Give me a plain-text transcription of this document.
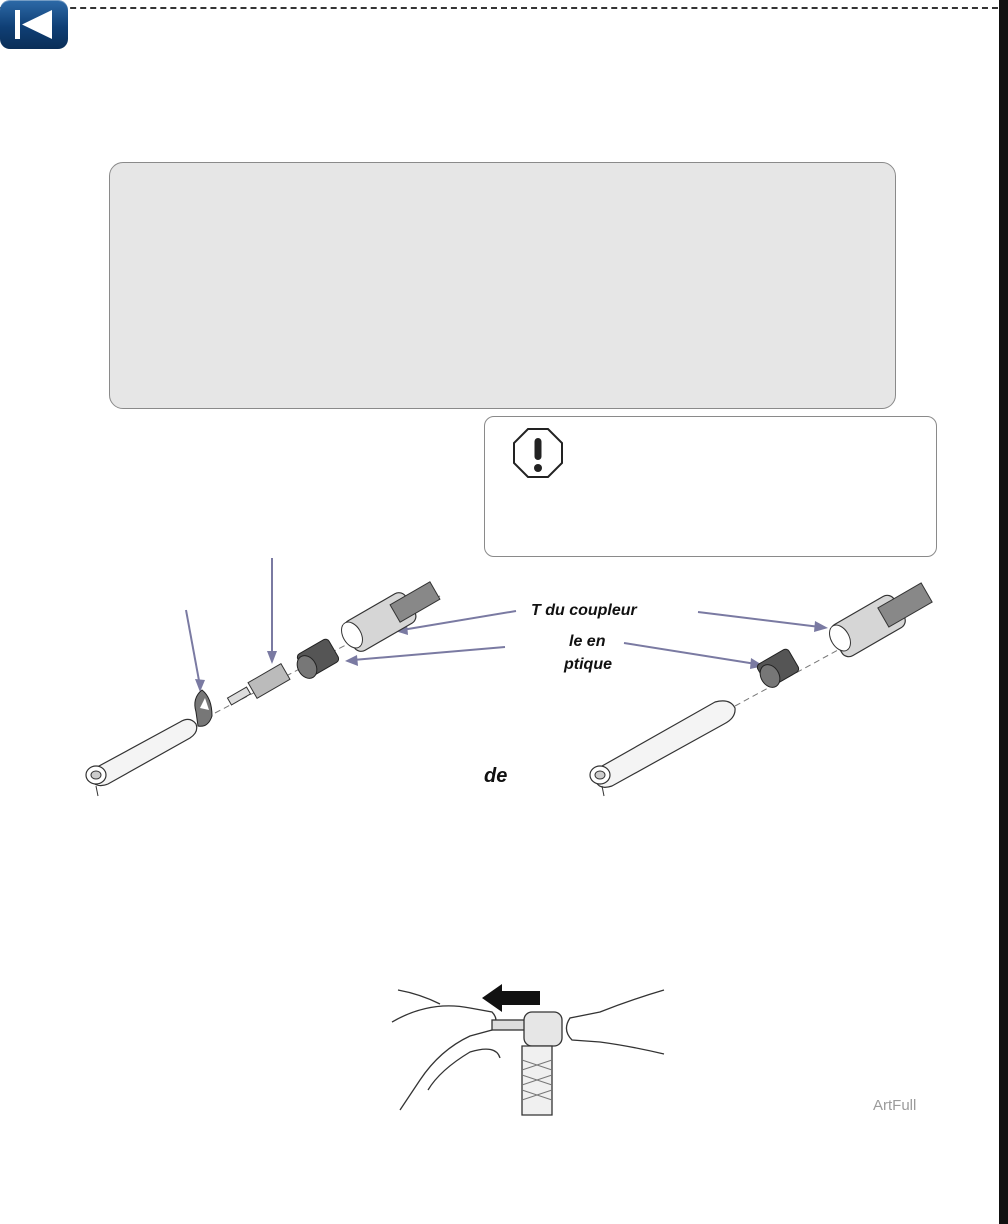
T du coupleur
le en
ptique
de
ArtFull
